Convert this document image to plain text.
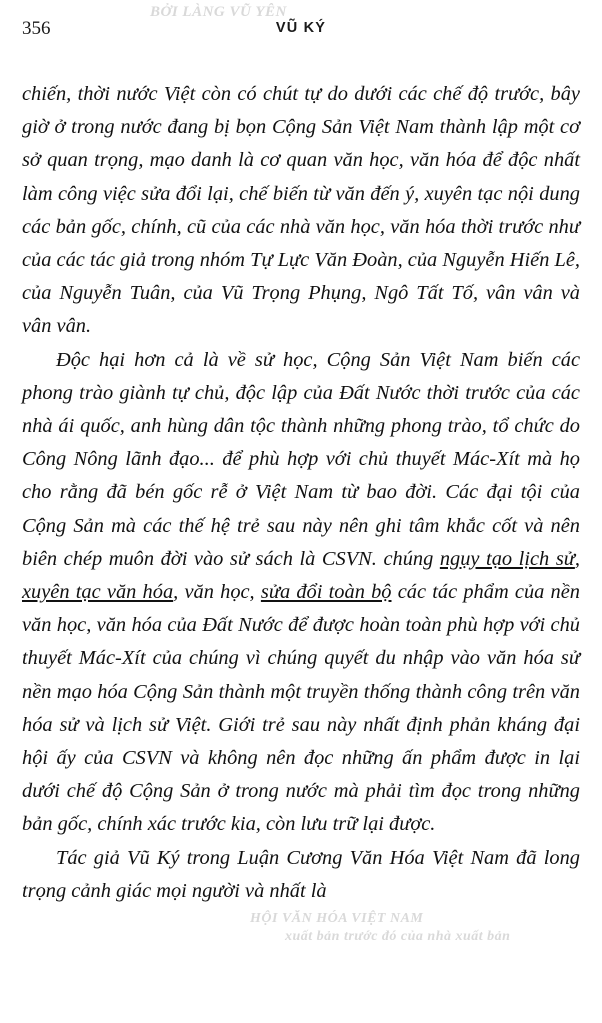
BỞI LÀNG VŨ YÊN
356	VŨ KÝ

chiến, thời nước Việt còn có chút tự do dưới các chế độ trước, bây giờ ở trong nước đang bị bọn Cộng Sản Việt Nam thành lập một cơ sở quan trọng, mạo danh là cơ quan văn học, văn hóa để độc nhất làm công việc sửa đổi lại, chế biến từ văn đến ý, xuyên tạc nội dung các bản gốc, chính, cũ của các nhà văn học, văn hóa thời trước như của các tác giả trong nhóm Tự Lực Văn Đoàn, của Nguyễn Hiến Lê, của Nguyễn Tuân, của Vũ Trọng Phụng, Ngô Tất Tố, vân vân và vân vân.

Độc hại hơn cả là về sử học, Cộng Sản Việt Nam biến các phong trào giành tự chủ, độc lập của Đất Nước thời trước của các nhà ái quốc, anh hùng dân tộc thành những phong trào, tổ chức do Công Nông lãnh đạo... để phù hợp với chủ thuyết Mác-Xít mà họ cho rằng đã bén gốc rễ ở Việt Nam từ bao đời. Các đại tội của Cộng Sản mà các thế hệ trẻ sau này nên ghi tâm khắc cốt và nên biên chép muôn đời vào sử sách là CSVN. chúng ngụy tạo lịch sử, xuyên tạc văn hóa, văn học, sửa đổi toàn bộ các tác phẩm của nền văn học, văn hóa của Đất Nước để được hoàn toàn phù hợp với chủ thuyết Mác-Xít của chúng vì chúng quyết du nhập vào văn hóa sử nền mạo hóa Cộng Sản thành một truyền thống thành công trên văn hóa sử và lịch sử Việt. Giới trẻ sau này nhất định phản kháng đại hội ấy của CSVN và không nên đọc những ấn phẩm được in lại dưới chế độ Cộng Sản ở trong nước mà phải tìm đọc trong những bản gốc, chính xác trước kia, còn lưu trữ lại được.

Tác giả Vũ Ký trong Luận Cương Văn Hóa Việt Nam đã long trọng cảnh giác mọi người và nhất là

HỘI VĂN HÓA VIỆT NAM
xuất bản trước đó của nhà xuất bản
